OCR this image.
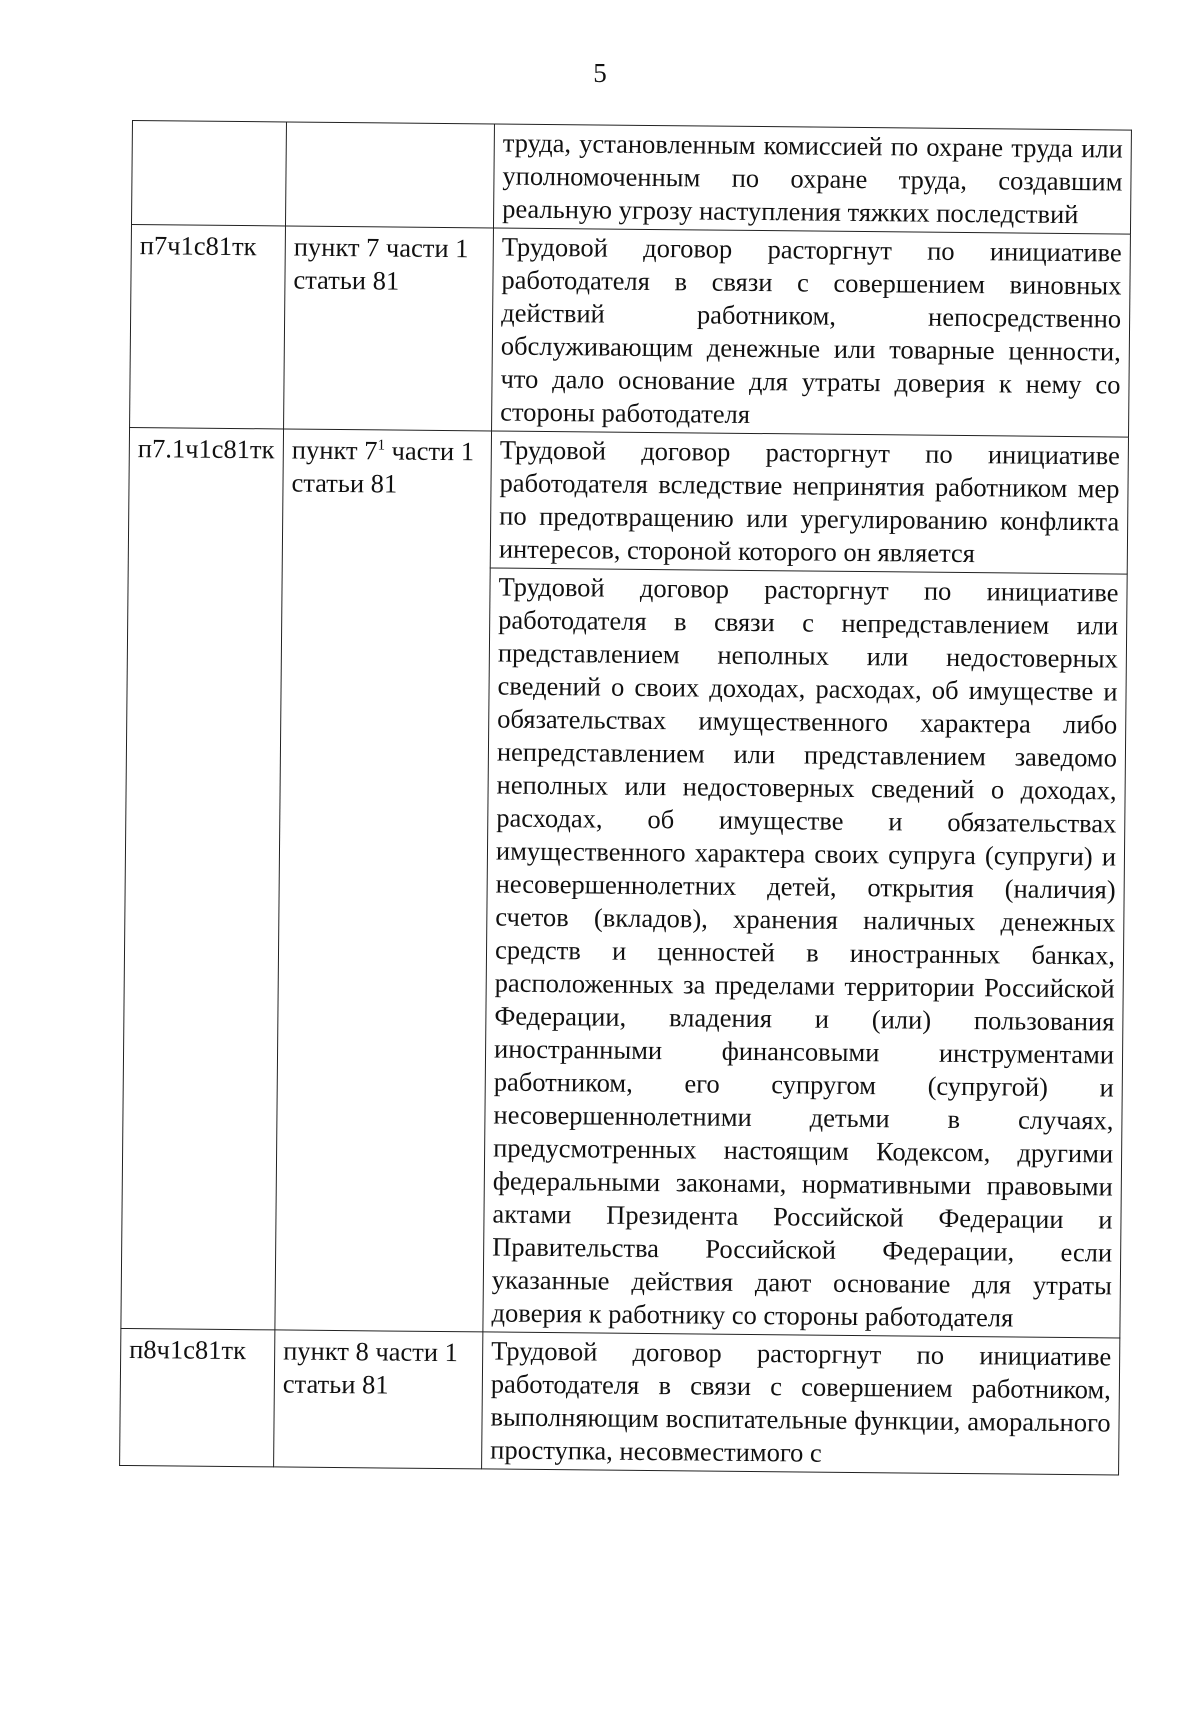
5
		труда, установленным комиссией по охране труда или уполномоченным по охране труда, создавшим реальную угрозу наступления тяжких последствий
п7ч1с81тк	пункт 7 части 1 статьи 81	Трудовой договор расторгнут по инициативе работодателя в связи с совершением виновных действий работником, непосредственно обслуживающим денежные или товарные ценности, что дало основание для утраты доверия к нему со стороны работодателя
п7.1ч1с81тк	пункт 7$^1$ части 1 статьи 81	Трудовой договор расторгнут по инициативе работодателя вследствие непринятия работником мер по предотвращению или урегулированию конфликта интересов, стороной которого он является
		Трудовой договор расторгнут по инициативе работодателя в связи с непредставлением или представлением неполных или недостоверных сведений о своих доходах, расходах, об имуществе и обязательствах имущественного характера либо непредставлением или представлением заведомо неполных или недостоверных сведений о доходах, расходах, об имуществе и обязательствах имущественного характера своих супруга (супруги) и несовершеннолетних детей, открытия (наличия) счетов (вкладов), хранения наличных денежных средств и ценностей в иностранных банках, расположенных за пределами территории Российской Федерации, владения и (или) пользования иностранными финансовыми инструментами работником, его супругом (супругой) и несовершеннолетними детьми в случаях, предусмотренных настоящим Кодексом, другими федеральными законами, нормативными правовыми актами Президента Российской Федерации и Правительства Российской Федерации, если указанные действия дают основание для утраты доверия к работнику со стороны работодателя
п8ч1с81тк	пункт 8 части 1 статьи 81	Трудовой договор расторгнут по инициативе работодателя в связи с совершением работником, выполняющим воспитательные функции, аморального проступка, несовместимого с
